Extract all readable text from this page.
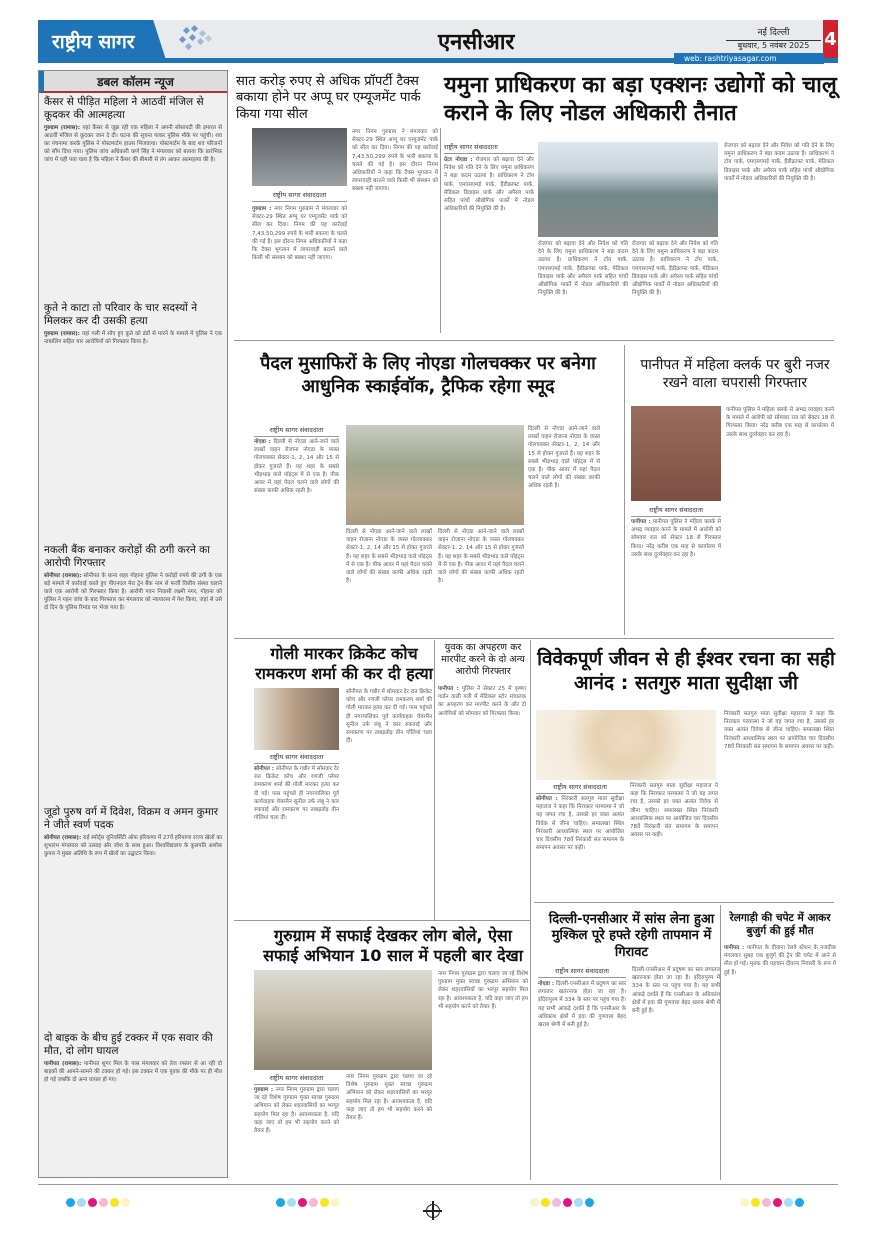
राष्ट्रीय सागर	एनसीआर	नई दिल्ली
बुधवार, 5 नवंबर 2025 4
web: rashtriyasagar.com
डबल कॉलम न्यूज
कैंसर से पीड़ित महिला ने आठवीं मंजिल से कूदकर की आत्महत्या
गुरुग्राम (रामास): यहां कैंसर से जूझ रही एक महिला ने अपनी सोसायटी की इमारत से आठवीं मंजिल से कूदकर जान दे दी। घटना की सूचना पाकर पुलिस मौके पर पहुंची। शव का पंचनामा करके पुलिस ने पोस्टमार्टम हाउस भिजवाया। पोस्टमार्टम के बाद शव परिजनों को सौंप दिया गया। पुलिस जांच अधिकारी कर्ण सिंह ने मंगलवार को बताया कि प्रारंभिक जांच में यही पता चला है कि महिला ने कैंसर की बीमारी से तंग आकर आत्महत्या की है।
कुते ने काटा तो परिवार के चार सदस्यों ने मिलकर कर दी उसकी हत्या
गुरुग्राम (रामास): यहां गली में सोए हुए कुते को डंडों से मारने के मामले में पुलिस ने एक नाबालिग सहित चार आरोपियों को गिरफ्तार किया है।
नकली बैंक बनाकर करोड़ों की ठगी करने का आरोपी गिरफ्तार
सोनीपत (रामास): सोनीपत के थाना शहर गोहाना पुलिस ने करोड़ों रुपये की ठगी के एक बड़े मामले में कार्रवाई करते हुए पीएनएल मेरा ट्रेन बैंक नाम से फर्जी वित्तीय संस्था चलाने वाले एक आरोपी को गिरफ्तार किया है। आरोपी पवन निवासी लक्ष्मी नगर, गोहाना को पुलिस ने गहन जांच के बाद गिरफ्तार कर मंगलवार को न्यायालय में पेश किया, जहां से उसे दो दिन के पुलिस रिमांड पर भेजा गया है।
जूडो पुरुष वर्ग में दिवेश, विक्रम व अमन कुमार ने जीते स्वर्ण पदक
सोनीपत (रामास): राई स्पोर्ट्स यूनिवर्सिटी ऑफ हरियाणा में 27वें हरियाणा राज्य खेलों का शुभारंभ मंगलवार को उत्साह और जोश के साथ हुआ। विश्वविद्यालय के कुलपति अशोक कुमार ने मुख्य अतिथि के रूप में खेलों का उद्घाटन किया।
दो बाइक के बीच हुई टक्कर में एक सवार की मौत, दो लोग घायल
पानीपत (रामास): पानीपत शुगर मिल के पास मंगलवार को तेज रफ्तार से आ रही दो बाइकों की आमने-सामने की टक्कर हो गई। इस टक्कर में एक युवक की मौके पर ही मौत हो गई जबकि दो अन्य घायल हो गए।
सात करोड़ रुपए से अधिक प्रॉपर्टी टैक्स बकाया होने पर अप्पू घर एम्यूजमेंट पार्क किया गया सील
राष्ट्रीय सागर संवाददाता
गुरुग्राम : नगर निगम गुरुग्राम ने मंगलवार को सेक्टर-29 स्थित अप्पू घर एम्यूजमेंट पार्क को सील कर दिया। निगम की यह कार्रवाई 7,43,50,299 रुपये के भारी बकाया के चलते की गई है। इस दौरान निगम अधिकारियों ने कहा कि टैक्स भुगतान में लापरवाही बरतने वाले किसी भी संस्थान को बख्शा नहीं जाएगा।
नगर निगम गुरुग्राम ने मंगलवार को सेक्टर-29 स्थित अप्पू घर एम्यूजमेंट पार्क को सील कर दिया। निगम की यह कार्रवाई 7,43,50,299 रुपये के भारी बकाया के चलते की गई है। इस दौरान निगम अधिकारियों ने कहा कि टैक्स भुगतान में लापरवाही बरतने वाले किसी भी संस्थान को बख्शा नहीं जाएगा।
यमुना प्राधिकरण का बड़ा एक्शनः उद्योगों को चालू कराने के लिए नोडल अधिकारी तैनात
राष्ट्रीय सागर संवाददाता
ग्रेटर नोएडा : रोजगार को बढ़ावा देने और निवेश को गति देने के लिए यमुना प्राधिकरण ने बड़ा कदम उठाया है। प्राधिकरण ने टॉय पार्क, एमएसएमई पार्क, हैंडीक्राफ्ट पार्क, मेडिकल डिवाइस पार्क और अपैरल पार्क सहित पांचों औद्योगिक पार्कों में नोडल अधिकारियों की नियुक्ति की है।
रोजगार को बढ़ावा देने और निवेश को गति देने के लिए यमुना प्राधिकरण ने बड़ा कदम उठाया है। प्राधिकरण ने टॉय पार्क, एमएसएमई पार्क, हैंडीक्राफ्ट पार्क, मेडिकल डिवाइस पार्क और अपैरल पार्क सहित पांचों औद्योगिक पार्कों में नोडल अधिकारियों की नियुक्ति की है।
रोजगार को बढ़ावा देने और निवेश को गति देने के लिए यमुना प्राधिकरण ने बड़ा कदम उठाया है। प्राधिकरण ने टॉय पार्क, एमएसएमई पार्क, हैंडीक्राफ्ट पार्क, मेडिकल डिवाइस पार्क और अपैरल पार्क सहित पांचों औद्योगिक पार्कों में नोडल अधिकारियों की नियुक्ति की है।
रोजगार को बढ़ावा देने और निवेश को गति देने के लिए यमुना प्राधिकरण ने बड़ा कदम उठाया है। प्राधिकरण ने टॉय पार्क, एमएसएमई पार्क, हैंडीक्राफ्ट पार्क, मेडिकल डिवाइस पार्क और अपैरल पार्क सहित पांचों औद्योगिक पार्कों में नोडल अधिकारियों की नियुक्ति की है।
पैदल मुसाफिरों के लिए नोएडा गोलचक्कर पर बनेगा आधुनिक स्काईवॉक, ट्रैफिक रहेगा स्मूद
राष्ट्रीय सागर संवाददाता
नोएडा : दिल्ली से नोएडा आने-जाने वाले लाखों वाहन रोजाना नोएडा के व्यस्त गोलचक्कर सेक्टर-1, 2, 14 और 15 से होकर गुजरते हैं। यह शहर के सबसे भीड़भाड़ वाले पॉइंट्स में से एक है। पीक आवर में यहां पैदल चलने वाले लोगों की संख्या काफी अधिक रहती है।
दिल्ली से नोएडा आने-जाने वाले लाखों वाहन रोजाना नोएडा के व्यस्त गोलचक्कर सेक्टर-1, 2, 14 और 15 से होकर गुजरते हैं। यह शहर के सबसे भीड़भाड़ वाले पॉइंट्स में से एक है। पीक आवर में यहां पैदल चलने वाले लोगों की संख्या काफी अधिक रहती है।
दिल्ली से नोएडा आने-जाने वाले लाखों वाहन रोजाना नोएडा के व्यस्त गोलचक्कर सेक्टर-1, 2, 14 और 15 से होकर गुजरते हैं। यह शहर के सबसे भीड़भाड़ वाले पॉइंट्स में से एक है। पीक आवर में यहां पैदल चलने वाले लोगों की संख्या काफी अधिक रहती है।
दिल्ली से नोएडा आने-जाने वाले लाखों वाहन रोजाना नोएडा के व्यस्त गोलचक्कर सेक्टर-1, 2, 14 और 15 से होकर गुजरते हैं। यह शहर के सबसे भीड़भाड़ वाले पॉइंट्स में से एक है। पीक आवर में यहां पैदल चलने वाले लोगों की संख्या काफी अधिक रहती है।
पानीपत में महिला क्लर्क पर बुरी नजर रखने वाला चपरासी गिरफ्तार
राष्ट्रीय सागर संवाददाता
पानीपत : पानीपत पुलिस ने महिला क्लर्क से अभद्र व्यवहार करने के मामले में आरोपी को सोमवार रात को सेक्टर 18 से गिरफ्तार किया। नरेंद्र करीब एक माह से कार्यालय में उसके साथ दुर्व्यवहार कर रहा है।
पानीपत पुलिस ने महिला क्लर्क से अभद्र व्यवहार करने के मामले में आरोपी को सोमवार रात को सेक्टर 18 से गिरफ्तार किया। नरेंद्र करीब एक माह से कार्यालय में उसके साथ दुर्व्यवहार कर रहा है।
गोली मारकर क्रिकेट कोच रामकरण शर्मा की कर दी हत्या
राष्ट्रीय सागर संवाददाता
सोनीपत : सोनीपत के गन्नौर में सोमवार देर रात क्रिकेट कोच और रणजी प्लेयर रामकरण शर्मा की गोली मारकर हत्या कर दी गई। पास पहुंचते ही नगरपालिका पूर्व कार्यवाहक चेयरमैन सुनील उर्फ लंबू ने कार रुकवाई और रामकरण पर ताबड़तोड़ तीन गोलियां चला दीं।
सोनीपत के गन्नौर में सोमवार देर रात क्रिकेट कोच और रणजी प्लेयर रामकरण शर्मा की गोली मारकर हत्या कर दी गई। पास पहुंचते ही नगरपालिका पूर्व कार्यवाहक चेयरमैन सुनील उर्फ लंबू ने कार रुकवाई और रामकरण पर ताबड़तोड़ तीन गोलियां चला दीं।
युवक का अपहरण कर मारपीट करने के दो अन्य आरोपी गिरफ्तार
पानीपत : पुलिस ने सेक्टर 25 में कृष्णा गार्डन वाली गली में मेडिकल स्टोर संचालक का अपहरण कर मारपीट करने के और दो आरोपियों को सोमवार को गिरफ्तार किया।
विवेकपूर्ण जीवन से ही ईश्वर रचना का सही आनंद : सतगुरु माता सुदीक्षा जी
राष्ट्रीय सागर संवाददाता
सोनीपत : निरंकारी सतगुरु माता सुदीक्षा महाराज ने कहा कि निराकार परमात्मा ने जो यह जगत रचा है, उसको हर वक्त अत्यंत विवेक से जीना चाहिए। समालखा स्थित निरंकारी आध्यात्मिक स्थल पर आयोजित चार दिवसीय 78वें निरंकारी संत समागम के समापन अवसर पर कही।
निरंकारी सतगुरु माता सुदीक्षा महाराज ने कहा कि निराकार परमात्मा ने जो यह जगत रचा है, उसको हर वक्त अत्यंत विवेक से जीना चाहिए। समालखा स्थित निरंकारी आध्यात्मिक स्थल पर आयोजित चार दिवसीय 78वें निरंकारी संत समागम के समापन अवसर पर कही।
निरंकारी सतगुरु माता सुदीक्षा महाराज ने कहा कि निराकार परमात्मा ने जो यह जगत रचा है, उसको हर वक्त अत्यंत विवेक से जीना चाहिए। समालखा स्थित निरंकारी आध्यात्मिक स्थल पर आयोजित चार दिवसीय 78वें निरंकारी संत समागम के समापन अवसर पर कही।
दिल्ली-एनसीआर में सांस लेना हुआ मुश्किल पूरे हफ्ते रहेगी तापमान में गिरावट
राष्ट्रीय सागर संवाददाता
नोएडा : दिल्ली-एनसीआर में प्रदूषण का स्तर लगातार खतरनाक होता जा रहा है। इंदिरापुरम में 334 के स्तर पर पहुंच गया है। यह सभी आंकड़े दर्शाते हैं कि एनसीआर के अधिकांश क्षेत्रों में हवा की गुणवत्ता बेहद खराब श्रेणी में बनी हुई है।
दिल्ली-एनसीआर में प्रदूषण का स्तर लगातार खतरनाक होता जा रहा है। इंदिरापुरम में 334 के स्तर पर पहुंच गया है। यह सभी आंकड़े दर्शाते हैं कि एनसीआर के अधिकांश क्षेत्रों में हवा की गुणवत्ता बेहद खराब श्रेणी में बनी हुई है।
रेलगाड़ी की चपेट में आकर बुजुर्ग की हुई मौत
पानीपत : पानीपत के दीवाना रेलवे स्टेशन के नजदीक मंगलवार सुबह एक बुजुर्ग की ट्रेन की चपेट में आने से मौत हो गई। मृतक की पहचान दीवाना निवासी के रूप में हुई है।
गुरुग्राम में सफाई देखकर लोग बोले, ऐसा सफाई अभियान 10 साल में पहली बार देखा
राष्ट्रीय सागर संवाददाता
गुरुग्राम : नगर निगम गुरुग्राम द्वारा चलाए जा रहे विशेष गुरुग्राम मुक्त स्वच्छ गुरुग्राम अभियान को लेकर शहरवासियों का भरपूर सहयोग मिल रहा है। आवश्यकता है, यदि कहा जाए तो हम भी सहयोग करने को तैयार हैं।
नगर निगम गुरुग्राम द्वारा चलाए जा रहे विशेष गुरुग्राम मुक्त स्वच्छ गुरुग्राम अभियान को लेकर शहरवासियों का भरपूर सहयोग मिल रहा है। आवश्यकता है, यदि कहा जाए तो हम भी सहयोग करने को तैयार हैं।
नगर निगम गुरुग्राम द्वारा चलाए जा रहे विशेष गुरुग्राम मुक्त स्वच्छ गुरुग्राम अभियान को लेकर शहरवासियों का भरपूर सहयोग मिल रहा है। आवश्यकता है, यदि कहा जाए तो हम भी सहयोग करने को तैयार हैं।
